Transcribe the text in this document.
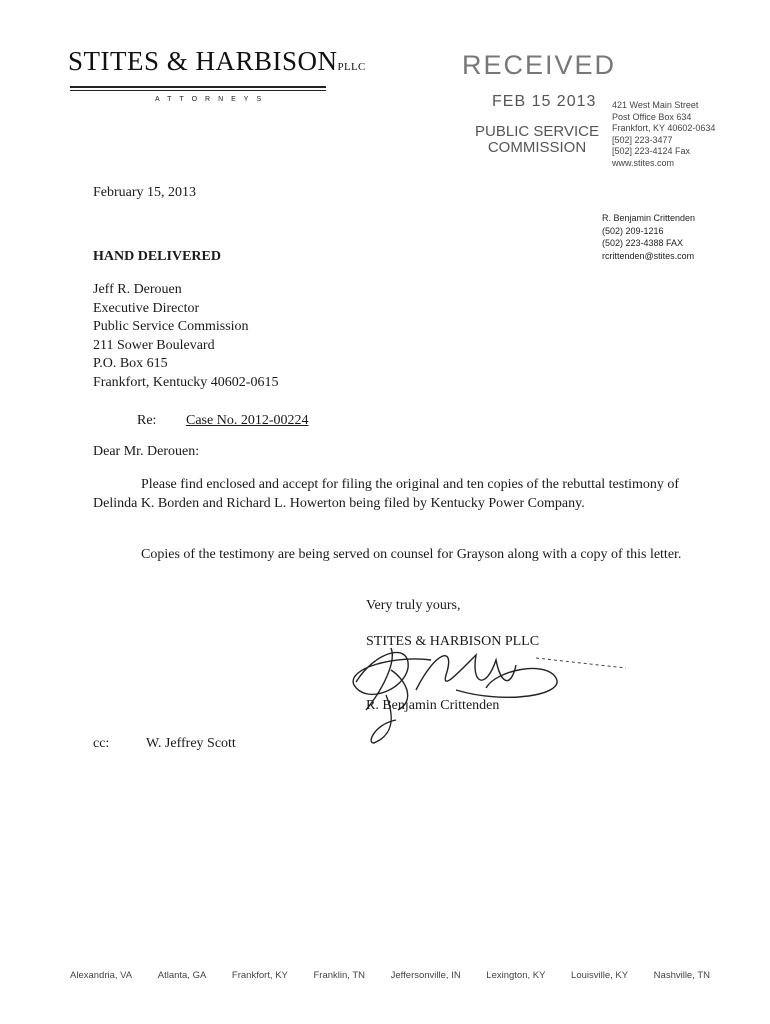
STITES & HARBISONPLLC
ATTORNEYS
RECEIVED
FEB 15 2013
PUBLIC SERVICE
COMMISSION
421 West Main Street
Post Office Box 634
Frankfort, KY 40602-0634
[502] 223-3477
[502] 223-4124 Fax
www.stites.com
February 15, 2013
R. Benjamin Crittenden
(502) 209-1216
(502) 223-4388 FAX
rcrittenden@stites.com
HAND DELIVERED
Jeff R. Derouen
Executive Director
Public Service Commission
211 Sower Boulevard
P.O. Box 615
Frankfort, Kentucky 40602-0615
Re: Case No. 2012-00224
Dear Mr. Derouen:
Please find enclosed and accept for filing the original and ten copies of the rebuttal testimony of Delinda K. Borden and Richard L. Howerton being filed by Kentucky Power Company.
Copies of the testimony are being served on counsel for Grayson along with a copy of this letter.
Very truly yours,
STITES & HARBISON PLLC
R. Benjamin Crittenden
cc:	W. Jeffrey Scott
Alexandria, VA	Atlanta, GA	Frankfort, KY	Franklin, TN	Jeffersonville, IN	Lexington, KY	Louisville, KY	Nashville, TN
